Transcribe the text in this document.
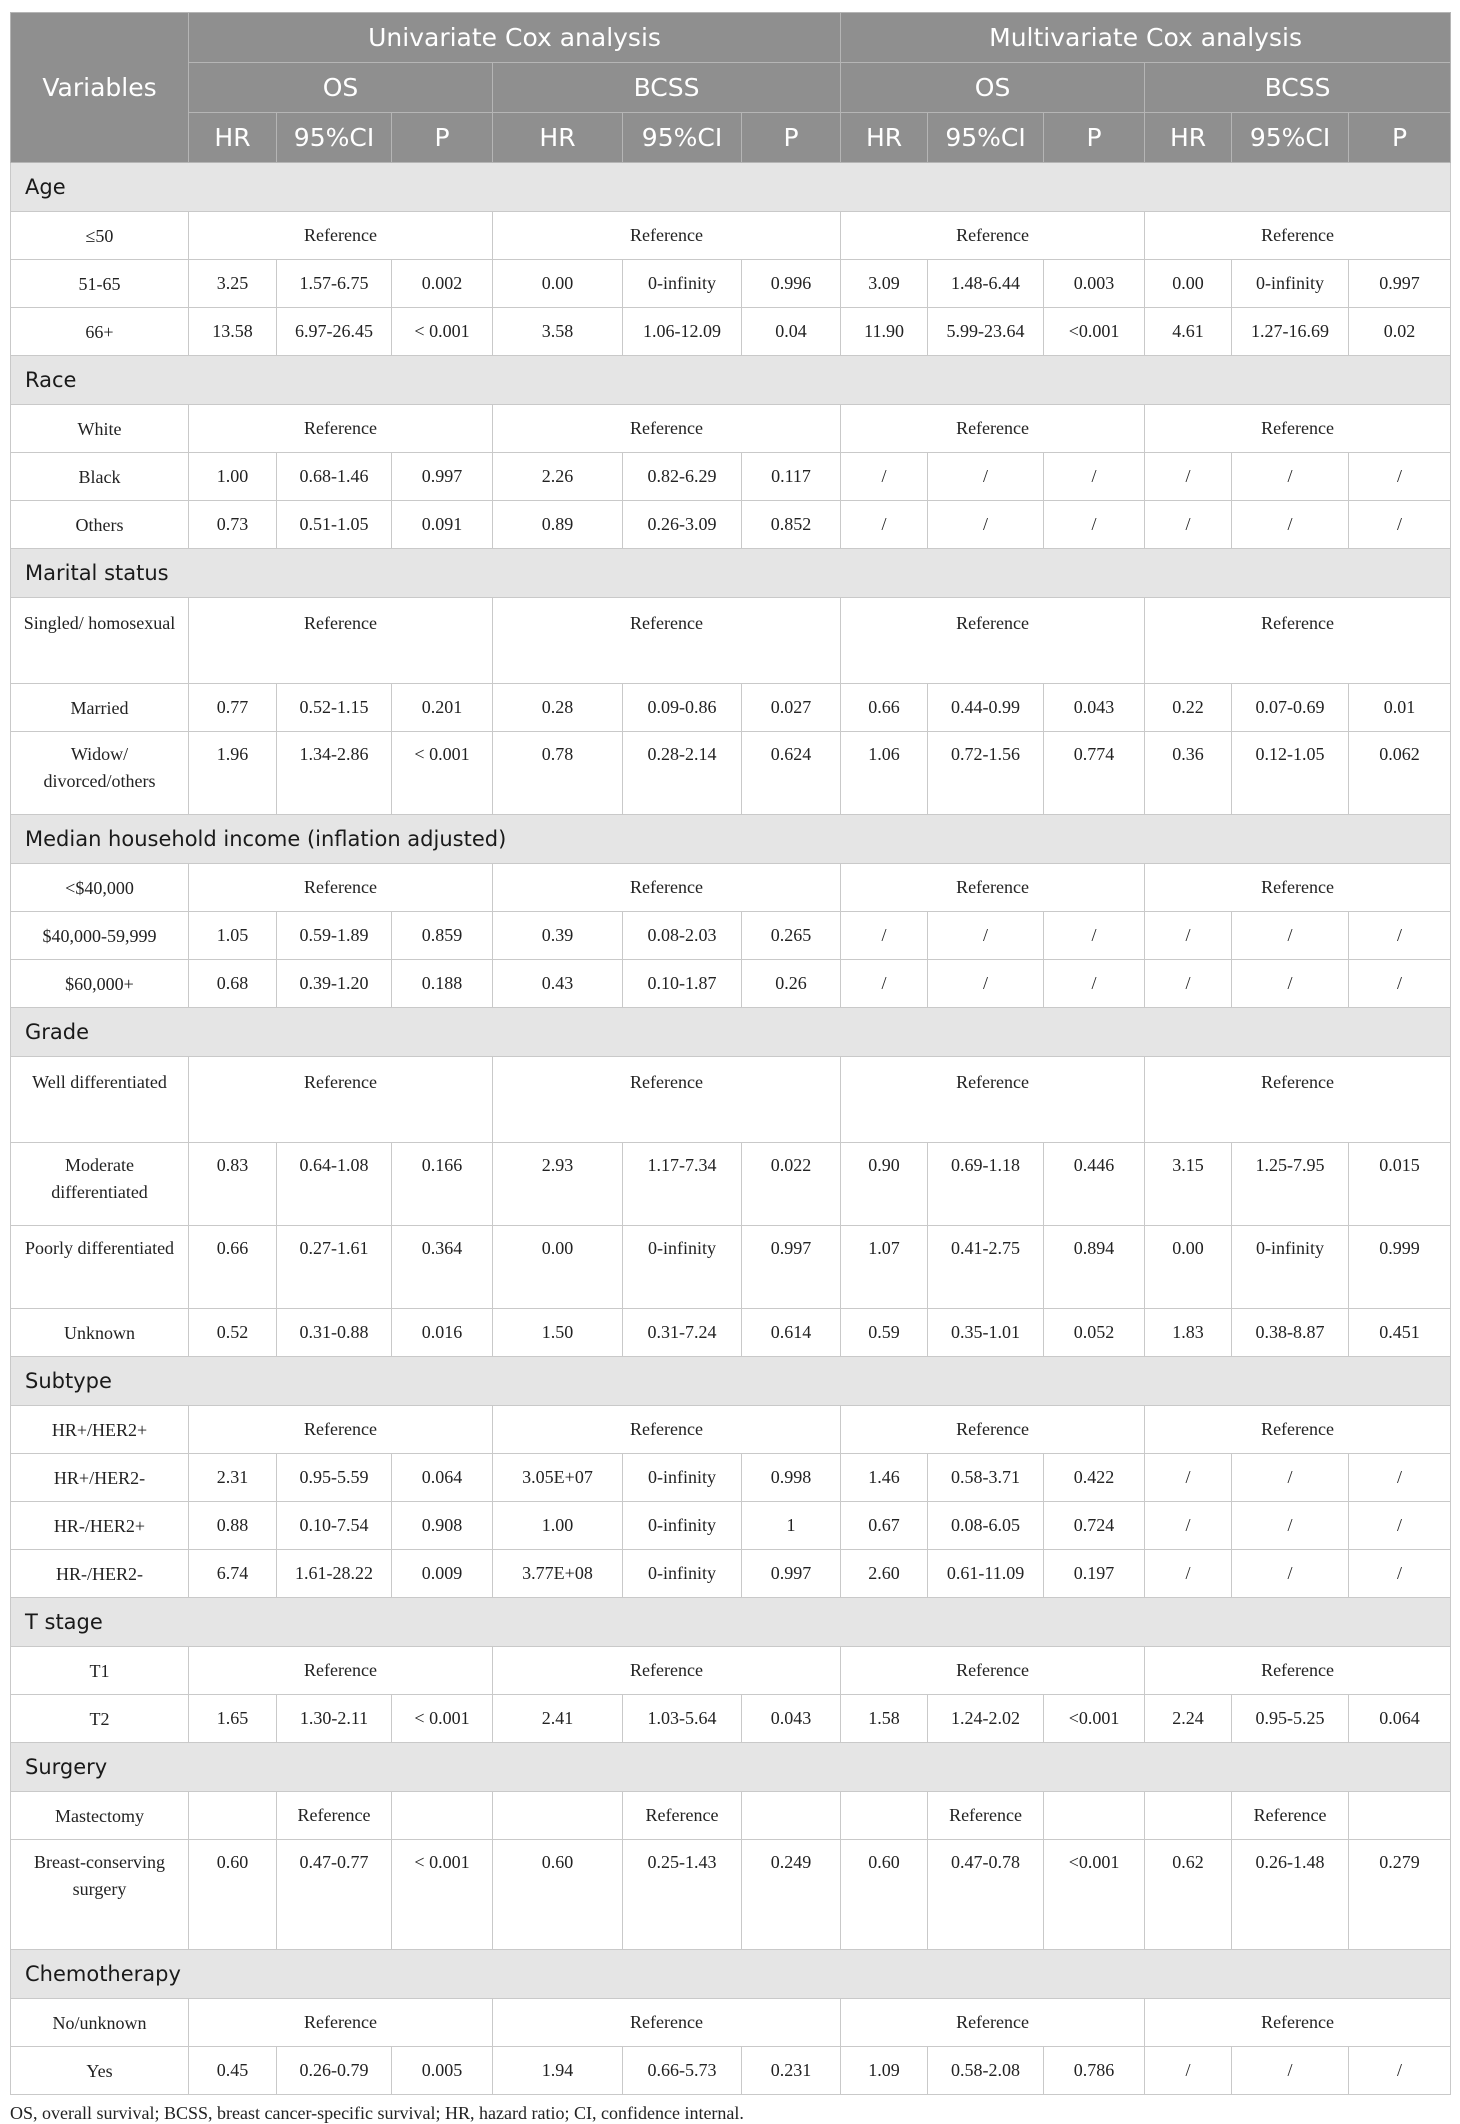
Variables	Univariate Cox analysis						Multivariate Cox analysis					
	OS			BCSS			OS			BCSS		
	HR	95%CI	P	HR	95%CI	P	HR	95%CI	P	HR	95%CI	P
Age												
≤50	Reference			Reference			Reference			Reference		
51-65	3.25	1.57-6.75	0.002	0.00	0-infinity	0.996	3.09	1.48-6.44	0.003	0.00	0-infinity	0.997
66+	13.58	6.97-26.45	< 0.001	3.58	1.06-12.09	0.04	11.90	5.99-23.64	<0.001	4.61	1.27-16.69	0.02
Race												
White	Reference			Reference			Reference			Reference		
Black	1.00	0.68-1.46	0.997	2.26	0.82-6.29	0.117	/	/	/	/	/	/
Others	0.73	0.51-1.05	0.091	0.89	0.26-3.09	0.852	/	/	/	/	/	/
Marital status												
Singled/ homosexual	Reference			Reference			Reference			Reference		
Married	0.77	0.52-1.15	0.201	0.28	0.09-0.86	0.027	0.66	0.44-0.99	0.043	0.22	0.07-0.69	0.01
Widow/ divorced/others	1.96	1.34-2.86	< 0.001	0.78	0.28-2.14	0.624	1.06	0.72-1.56	0.774	0.36	0.12-1.05	0.062
Median household income (inflation adjusted)												
<$40,000	Reference			Reference			Reference			Reference		
$40,000-59,999	1.05	0.59-1.89	0.859	0.39	0.08-2.03	0.265	/	/	/	/	/	/
$60,000+	0.68	0.39-1.20	0.188	0.43	0.10-1.87	0.26	/	/	/	/	/	/
Grade												
Well differentiated	Reference			Reference			Reference			Reference		
Moderate differentiated	0.83	0.64-1.08	0.166	2.93	1.17-7.34	0.022	0.90	0.69-1.18	0.446	3.15	1.25-7.95	0.015
Poorly differentiated	0.66	0.27-1.61	0.364	0.00	0-infinity	0.997	1.07	0.41-2.75	0.894	0.00	0-infinity	0.999
Unknown	0.52	0.31-0.88	0.016	1.50	0.31-7.24	0.614	0.59	0.35-1.01	0.052	1.83	0.38-8.87	0.451
Subtype												
HR+/HER2+	Reference			Reference			Reference			Reference		
HR+/HER2-	2.31	0.95-5.59	0.064	3.05E+07	0-infinity	0.998	1.46	0.58-3.71	0.422	/	/	/
HR-/HER2+	0.88	0.10-7.54	0.908	1.00	0-infinity	1	0.67	0.08-6.05	0.724	/	/	/
HR-/HER2-	6.74	1.61-28.22	0.009	3.77E+08	0-infinity	0.997	2.60	0.61-11.09	0.197	/	/	/
T stage												
T1	Reference			Reference			Reference			Reference		
T2	1.65	1.30-2.11	< 0.001	2.41	1.03-5.64	0.043	1.58	1.24-2.02	<0.001	2.24	0.95-5.25	0.064
Surgery												
Mastectomy		Reference			Reference			Reference			Reference	
Breast-conserving surgery	0.60	0.47-0.77	< 0.001	0.60	0.25-1.43	0.249	0.60	0.47-0.78	<0.001	0.62	0.26-1.48	0.279
Chemotherapy												
No/unknown	Reference			Reference			Reference			Reference		
Yes	0.45	0.26-0.79	0.005	1.94	0.66-5.73	0.231	1.09	0.58-2.08	0.786	/	/	/
OS, overall survival; BCSS, breast cancer-specific survival; HR, hazard ratio; CI, confidence internal.
